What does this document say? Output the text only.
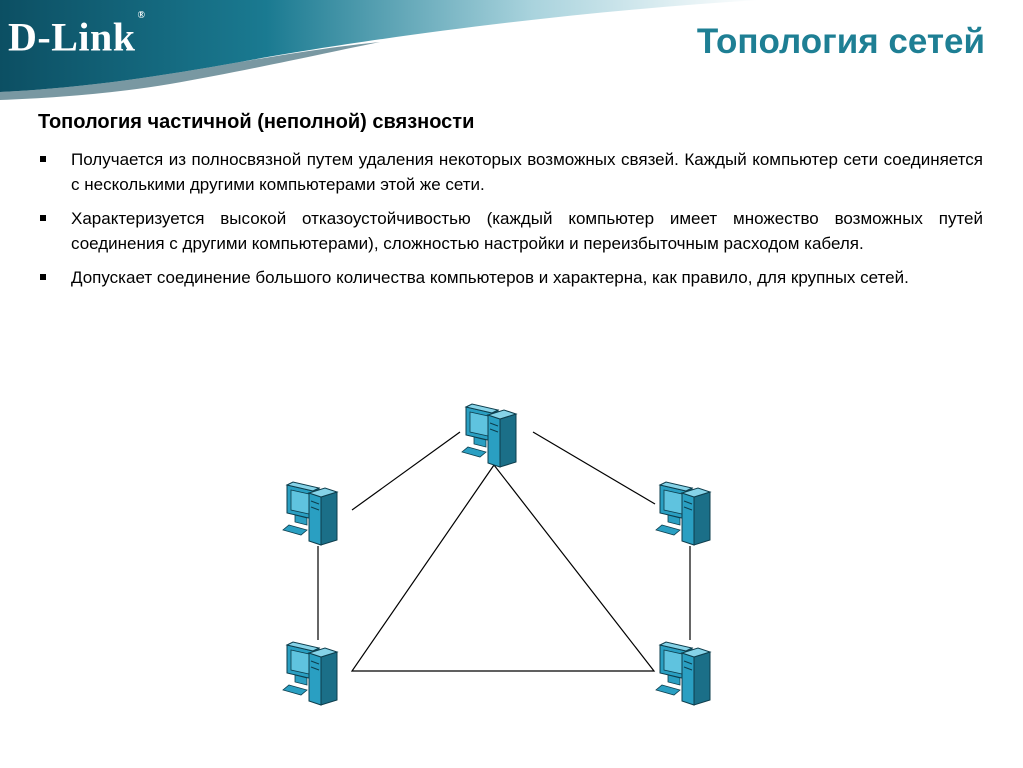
D-Link ®
Топология сетей
Топология частичной (неполной) связности
Получается из полносвязной путем удаления некоторых возможных связей. Каждый компьютер сети соединяется с несколькими другими компьютерами этой же сети.
Характеризуется высокой отказоустойчивостью (каждый компьютер имеет множество возможных путей соединения с другими компьютерами), сложностью настройки и переизбыточным расходом кабеля.
Допускает соединение большого количества компьютеров и характерна, как правило, для крупных сетей.
